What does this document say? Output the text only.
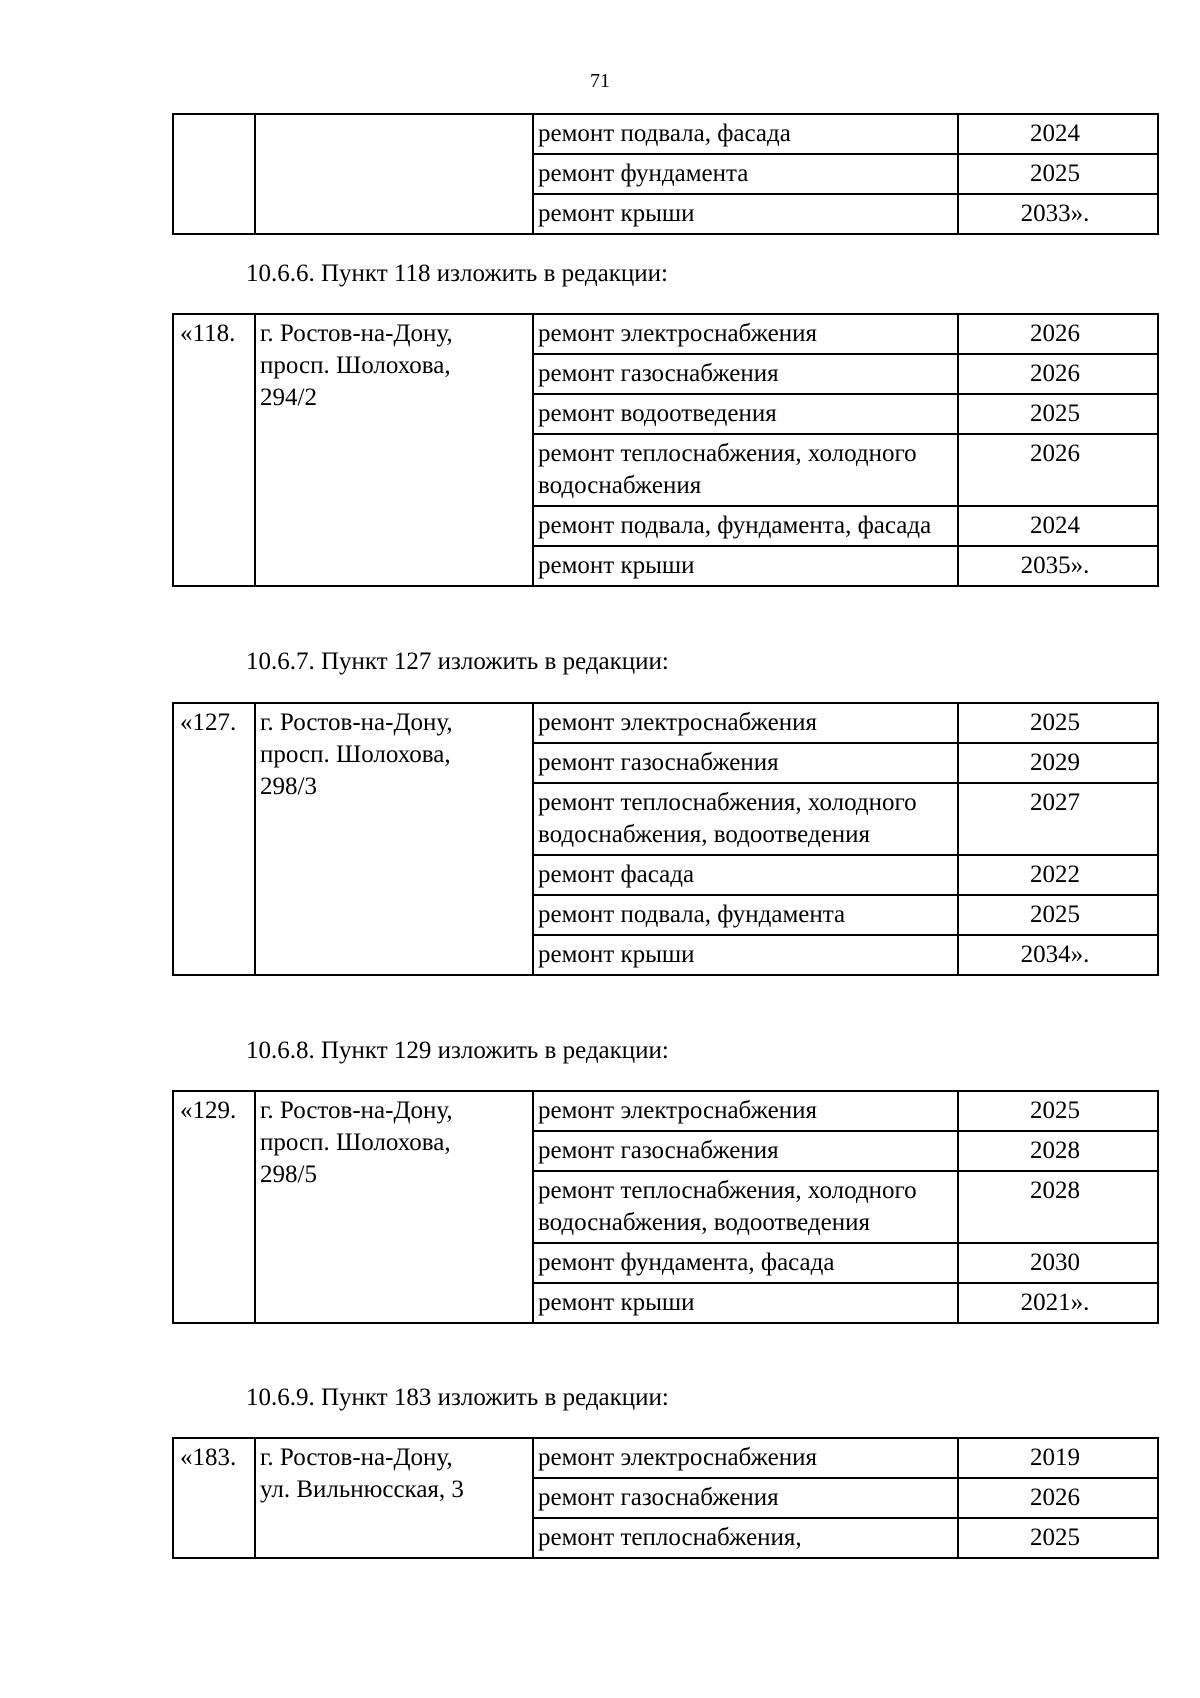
71
		ремонт подвала, фасада	2024
		ремонт фундамента	2025
		ремонт крыши	2033».
10.6.6. Пункт 118 изложить в редакции:
«118.	г. Ростов-на-Дону,
просп. Шолохова,
294/2	ремонт электроснабжения	2026
		ремонт газоснабжения	2026
		ремонт водоотведения	2025
		ремонт теплоснабжения, холодного водоснабжения	2026
		ремонт подвала, фундамента, фасада	2024
		ремонт крыши	2035».
10.6.7. Пункт 127 изложить в редакции:
«127.	г. Ростов-на-Дону,
просп. Шолохова,
298/3	ремонт электроснабжения	2025
		ремонт газоснабжения	2029
		ремонт теплоснабжения, холодного водоснабжения, водоотведения	2027
		ремонт фасада	2022
		ремонт подвала, фундамента	2025
		ремонт крыши	2034».
10.6.8. Пункт 129 изложить в редакции:
«129.	г. Ростов-на-Дону,
просп. Шолохова,
298/5	ремонт электроснабжения	2025
		ремонт газоснабжения	2028
		ремонт теплоснабжения, холодного водоснабжения, водоотведения	2028
		ремонт фундамента, фасада	2030
		ремонт крыши	2021».
10.6.9. Пункт 183 изложить в редакции:
«183.	г. Ростов-на-Дону,
ул. Вильнюсская, 3	ремонт электроснабжения	2019
		ремонт газоснабжения	2026
		ремонт теплоснабжения,	2025
